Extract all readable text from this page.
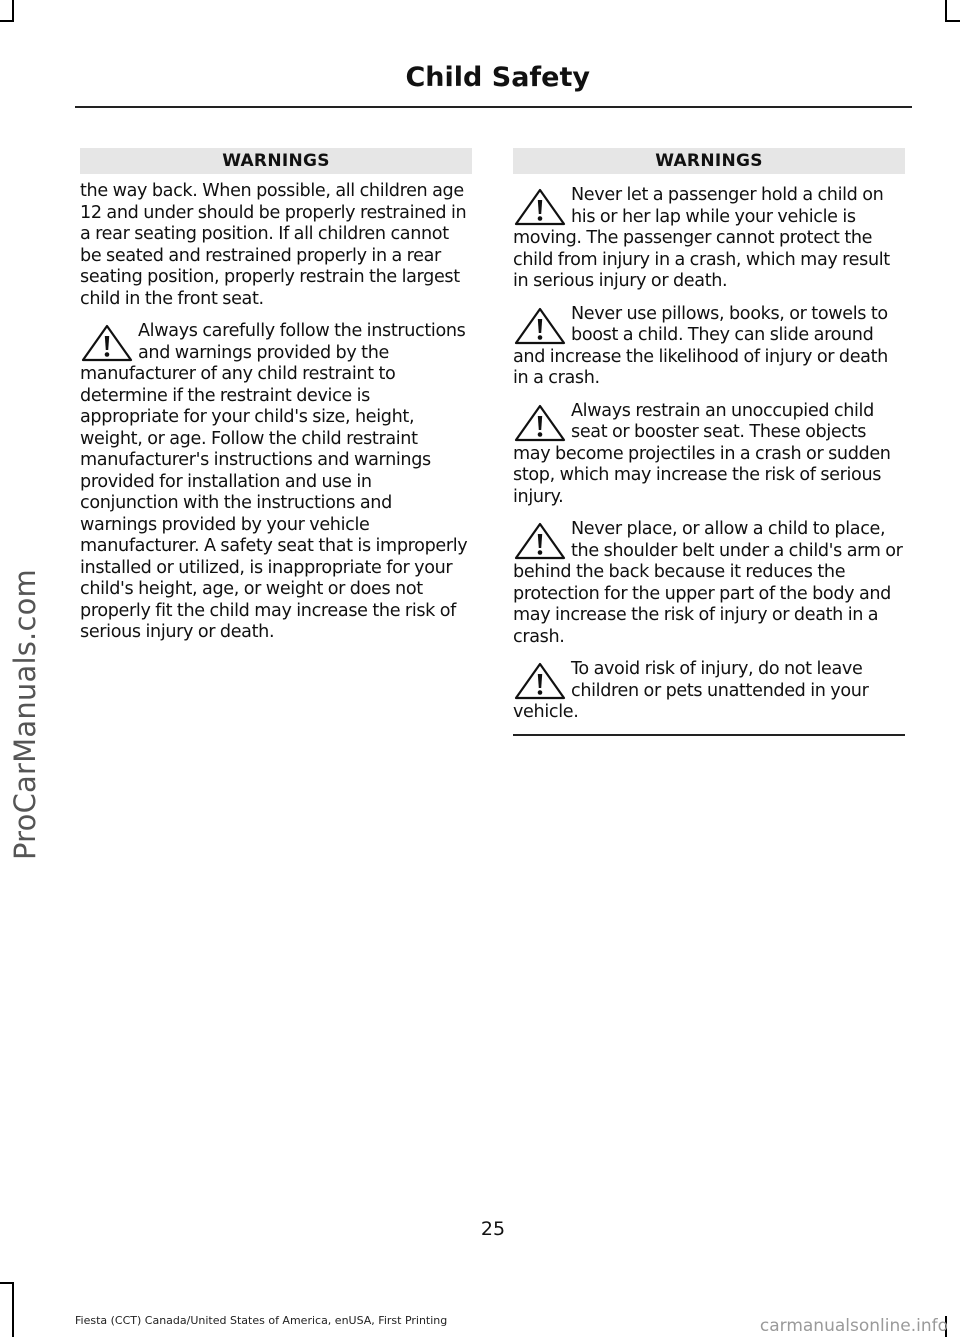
ProCarManuals.com
Child Safety
WARNINGS

the way back. When possible, all children age 12 and under should be properly restrained in a rear seating position. If all children cannot be seated and restrained properly in a rear seating position, properly restrain the largest child in the front seat.

Always carefully follow the instructions and warnings provided by the manufacturer of any child restraint to determine if the restraint device is appropriate for your child's size, height, weight, or age. Follow the child restraint manufacturer's instructions and warnings provided for installation and use in conjunction with the instructions and warnings provided by your vehicle manufacturer. A safety seat that is improperly installed or utilized, is inappropriate for your child's height, age, or weight or does not properly fit the child may increase the risk of serious injury or death.
WARNINGS
Never let a passenger hold a child on his or her lap while your vehicle is moving. The passenger cannot protect the child from injury in a crash, which may result in serious injury or death.
Never use pillows, books, or towels to boost a child. They can slide around and increase the likelihood of injury or death in a crash.
Always restrain an unoccupied child seat or booster seat. These objects may become projectiles in a crash or sudden stop, which may increase the risk of serious injury.
Never place, or allow a child to place, the shoulder belt under a child's arm or behind the back because it reduces the protection for the upper part of the body and may increase the risk of injury or death in a crash.
To avoid risk of injury, do not leave children or pets unattended in your vehicle.
25
Fiesta (CCT) Canada/United States of America, enUSA, First Printing	carmanualsonline.info
